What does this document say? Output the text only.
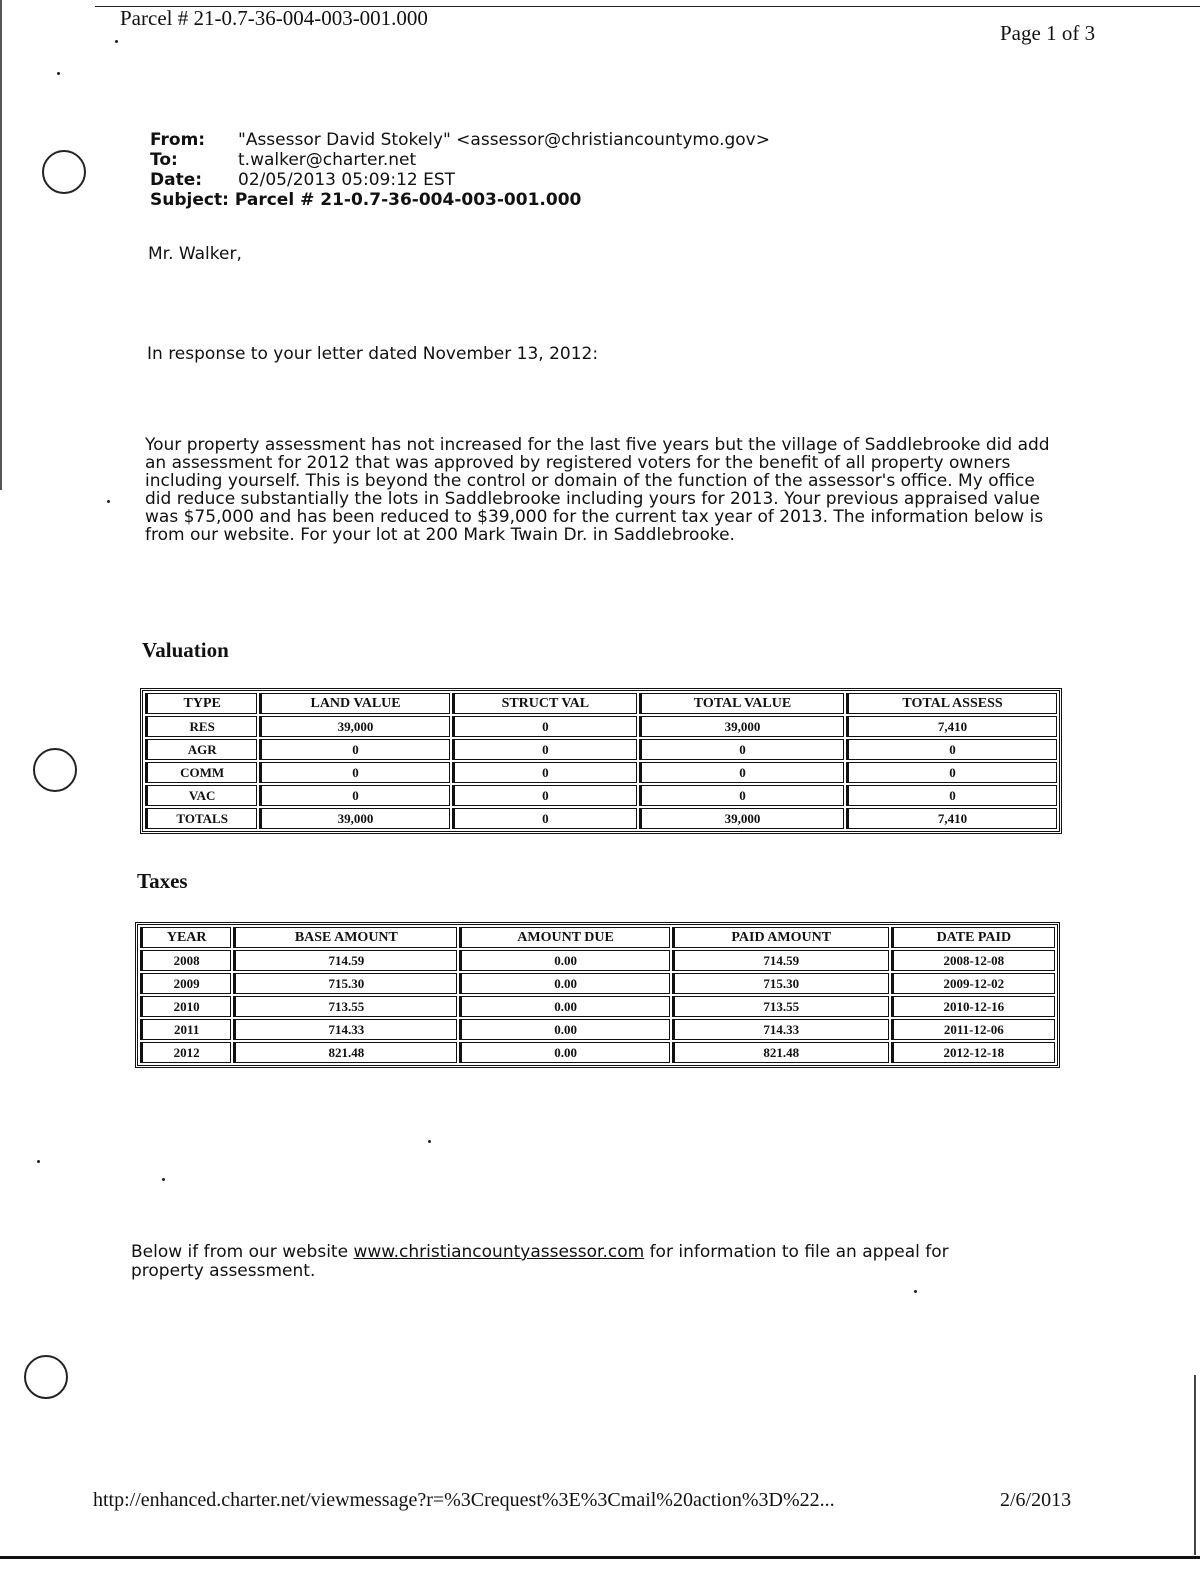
Parcel # 21-0.7-36-004-003-001.000
Page 1 of 3
From:	"Assessor David Stokely" <assessor@christiancountymo.gov>
To:	t.walker@charter.net
Date:	02/05/2013 05:09:12 EST
Subject: Parcel # 21-0.7-36-004-003-001.000
Mr. Walker,
In response to your letter dated November 13, 2012:
Your property assessment has not increased for the last five years but the village of Saddlebrooke did add an assessment for 2012 that was approved by registered voters for the benefit of all property owners including yourself. This is beyond the control or domain of the function of the assessor's office. My office did reduce substantially the lots in Saddlebrooke including yours for 2013. Your previous appraised value was $75,000 and has been reduced to $39,000 for the current tax year of 2013. The information below is from our website. For your lot at 200 Mark Twain Dr. in Saddlebrooke.
Valuation
TYPE	LAND VALUE	STRUCT VAL	TOTAL VALUE	TOTAL ASSESS
RES	39,000	0	39,000	7,410
AGR	0	0	0	0
COMM	0	0	0	0
VAC	0	0	0	0
TOTALS	39,000	0	39,000	7,410
Taxes
YEAR	BASE AMOUNT	AMOUNT DUE	PAID AMOUNT	DATE PAID
2008	714.59	0.00	714.59	2008-12-08
2009	715.30	0.00	715.30	2009-12-02
2010	713.55	0.00	713.55	2010-12-16
2011	714.33	0.00	714.33	2011-12-06
2012	821.48	0.00	821.48	2012-12-18
Below if from our website www.christiancountyassessor.com for information to file an appeal for property assessment.
http://enhanced.charter.net/viewmessage?r=%3Crequest%3E%3Cmail%20action%3D%22...	2/6/2013
